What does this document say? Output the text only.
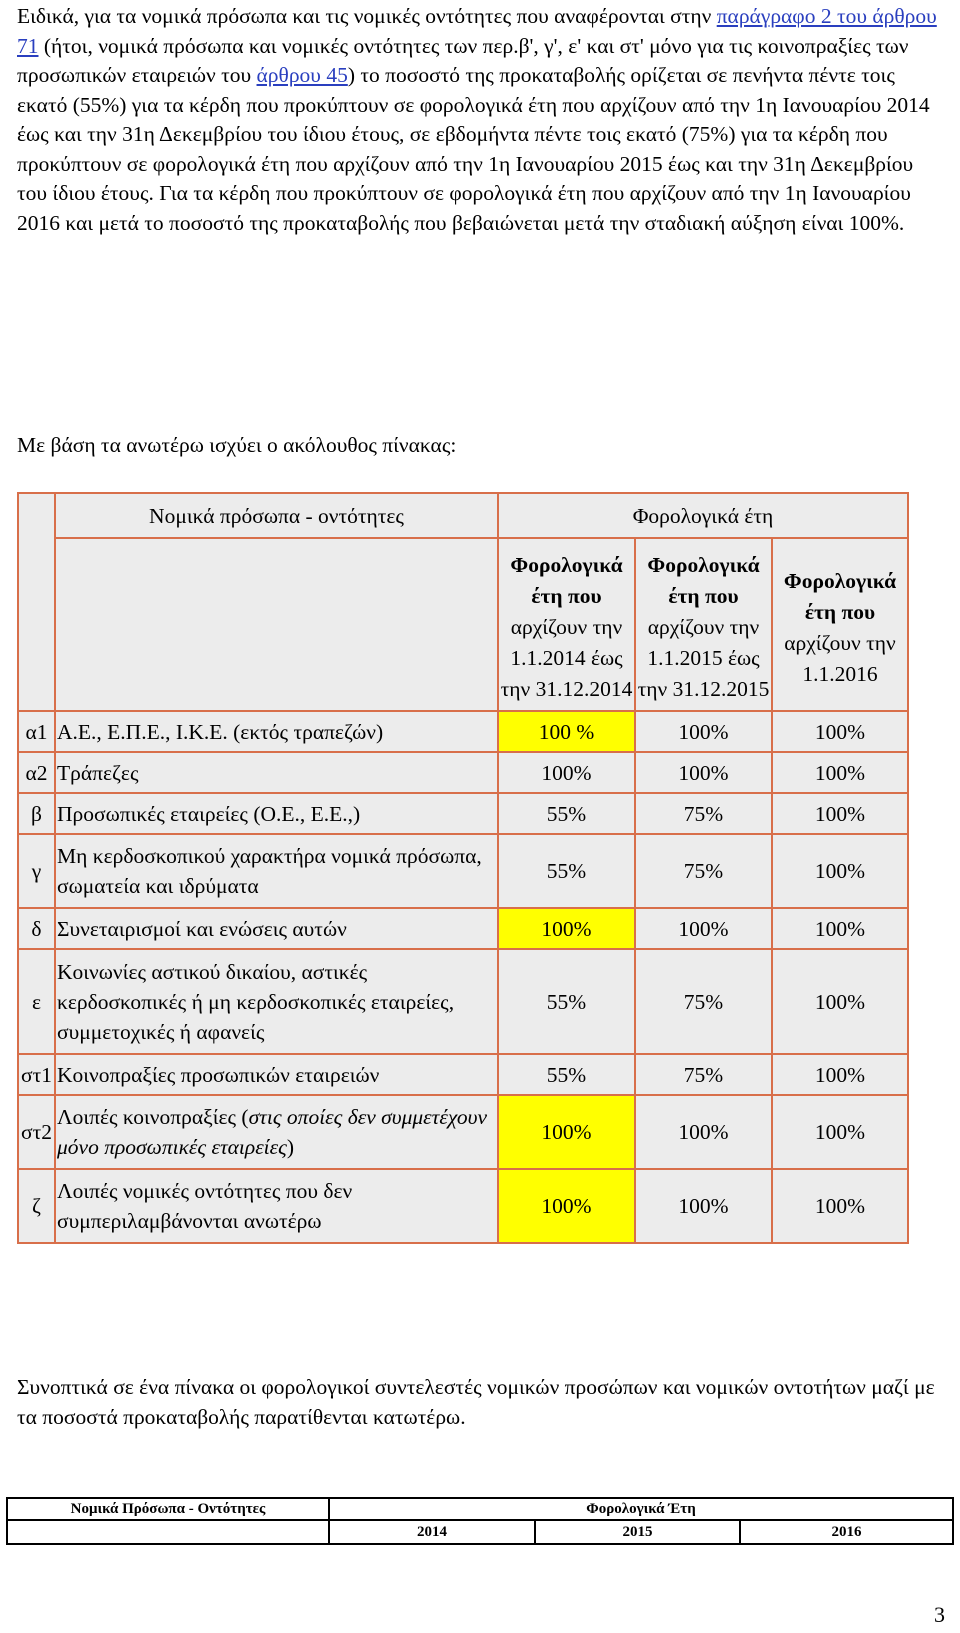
Ειδικά, για τα νομικά πρόσωπα και τις νομικές οντότητες που αναφέρονται στην παράγραφο 2 του άρθρου 71 (ήτοι, νομικά πρόσωπα και νομικές οντότητες των περ.β', γ', ε' και στ' μόνο για τις κοινοπραξίες των προσωπικών εταιρειών του άρθρου 45) το ποσοστό της προκαταβολής ορίζεται σε πενήντα πέντε τοις εκατό (55%) για τα κέρδη που προκύπτουν σε φορολογικά έτη που αρχίζουν από την 1η Ιανουαρίου 2014 έως και την 31η Δεκεμβρίου του ίδιου έτους, σε εβδομήντα πέντε τοις εκατό (75%) για τα κέρδη που προκύπτουν σε φορολογικά έτη που αρχίζουν από την 1η Ιανουαρίου 2015 έως και την 31η Δεκεμβρίου του ίδιου έτους. Για τα κέρδη που προκύπτουν σε φορολογικά έτη που αρχίζουν από την 1η Ιανουαρίου 2016 και μετά το ποσοστό της προκαταβολής που βεβαιώνεται μετά την σταδιακή αύξηση είναι 100%.

Με βάση τα ανωτέρω ισχύει ο ακόλουθος πίνακας:

	Νομικά πρόσωπα - οντότητες	Φορολογικά έτη		
		Φορολογικά έτη που αρχίζουν την 1.1.2014 έως την 31.12.2014	Φορολογικά έτη που αρχίζουν την 1.1.2015 έως την 31.12.2015	Φορολογικά έτη που αρχίζουν την 1.1.2016
α1	Α.Ε., Ε.Π.Ε., Ι.Κ.Ε. (εκτός τραπεζών)	100 %	100%	100%
α2	Τράπεζες	100%	100%	100%
β	Προσωπικές εταιρείες (Ο.Ε., Ε.Ε.,)	55%	75%	100%
γ	Μη κερδοσκοπικού χαρακτήρα νομικά πρόσωπα, σωματεία και ιδρύματα	55%	75%	100%
δ	Συνεταιρισμοί και ενώσεις αυτών	100%	100%	100%
ε	Κοινωνίες αστικού δικαίου, αστικές κερδοσκοπικές ή μη κερδοσκοπικές εταιρείες, συμμετοχικές ή αφανείς	55%	75%	100%
στ1	Κοινοπραξίες προσωπικών εταιρειών	55%	75%	100%
στ2	Λοιπές κοινοπραξίες (στις οποίες δεν συμμετέχουν μόνο προσωπικές εταιρείες)	100%	100%	100%
ζ	Λοιπές νομικές οντότητες που δεν συμπεριλαμβάνονται ανωτέρω	100%	100%	100%

Συνοπτικά σε ένα πίνακα οι φορολογικοί συντελεστές νομικών προσώπων και νομικών οντοτήτων μαζί με τα ποσοστά προκαταβολής παρατίθενται κατωτέρω.

Νομικά Πρόσωπα - Οντότητες	Φορολογικά Έτη		
	2014	2015	2016
3
